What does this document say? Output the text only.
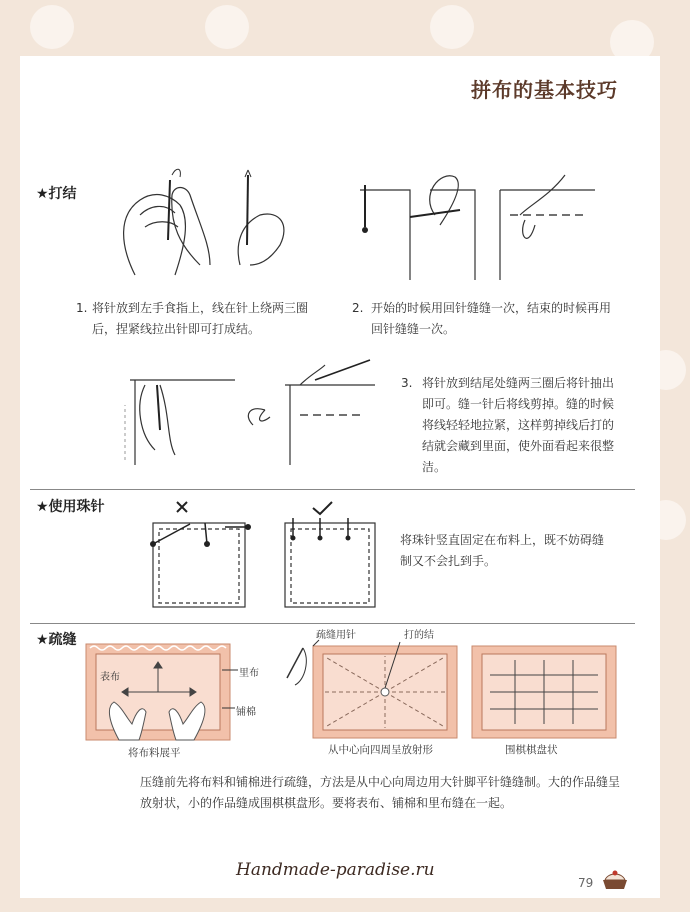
拼布的基本技巧
★打结
1. 将针放到左手食指上，线在针上绕两三圈后，捏紧线拉出针即可打成结。
2. 开始的时候用回针缝缝一次，结束的时候再用回针缝缝一次。
3. 将针放到结尾处缝两三圈后将针抽出即可。缝一针后将线剪掉。缝的时候将线轻轻地拉紧，这样剪掉线后打的结就会藏到里面，使外面看起来很整洁。
★使用珠针
将珠针竖直固定在布料上，既不妨碍缝制又不会扎到手。
★疏缝
表布	里布
铺棉
将布料展平
疏缝用针	打的结
从中心向四周呈放射形	围棋棋盘状
压缝前先将布料和铺棉进行疏缝，方法是从中心向周边用大针脚平针缝缝制。大的作品缝呈放射状，小的作品缝成围棋棋盘形。要将表布、铺棉和里布缝在一起。
Handmade-paradise.ru
79
